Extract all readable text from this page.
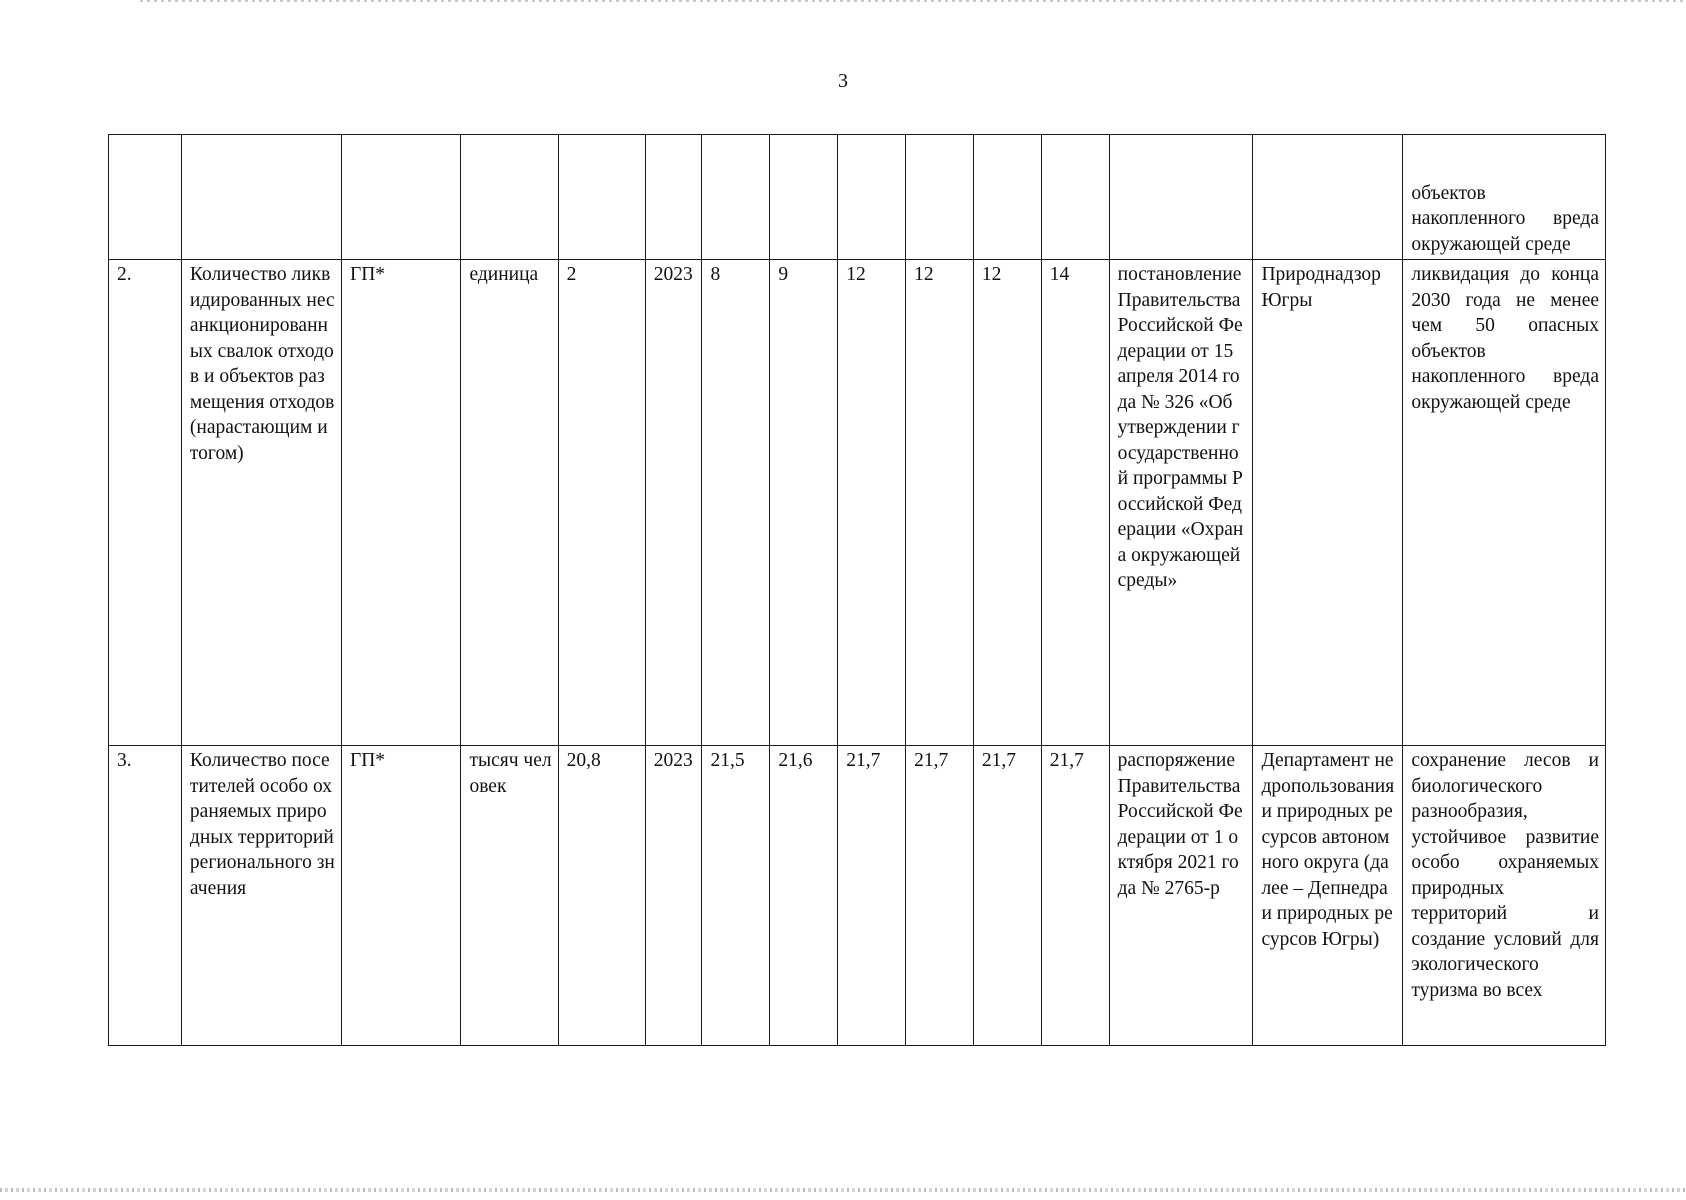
3
														объектов накопленного вреда окружающей среде
2.	Количество ликвидированных несанкционированных свалок отходов и объектов размещения отходов (нарастающим итогом)	ГП*	единица	2	2023	8	9	12	12	12	14	постановление Правительства Российской Федерации от 15 апреля 2014 года № 326 «Об утверждении государственной программы Российской Федерации «Охрана окружающей среды»	Природнадзор Югры	ликвидация до конца 2030 года не менее чем 50 опасных объектов накопленного вреда окружающей среде
3.	Количество посетителей особо охраняемых природных территорий регионального значения	ГП*	тысяч человек	20,8	2023	21,5	21,6	21,7	21,7	21,7	21,7	распоряжение Правительства Российской Федерации от 1 октября 2021 года № 2765-р	Департамент недропользования и природных ресурсов автономного округа (далее – Депнедра и природных ресурсов Югры)	сохранение лесов и биологического разнообразия, устойчивое развитие особо охраняемых природных территорий и создание условий для экологического туризма во всех
